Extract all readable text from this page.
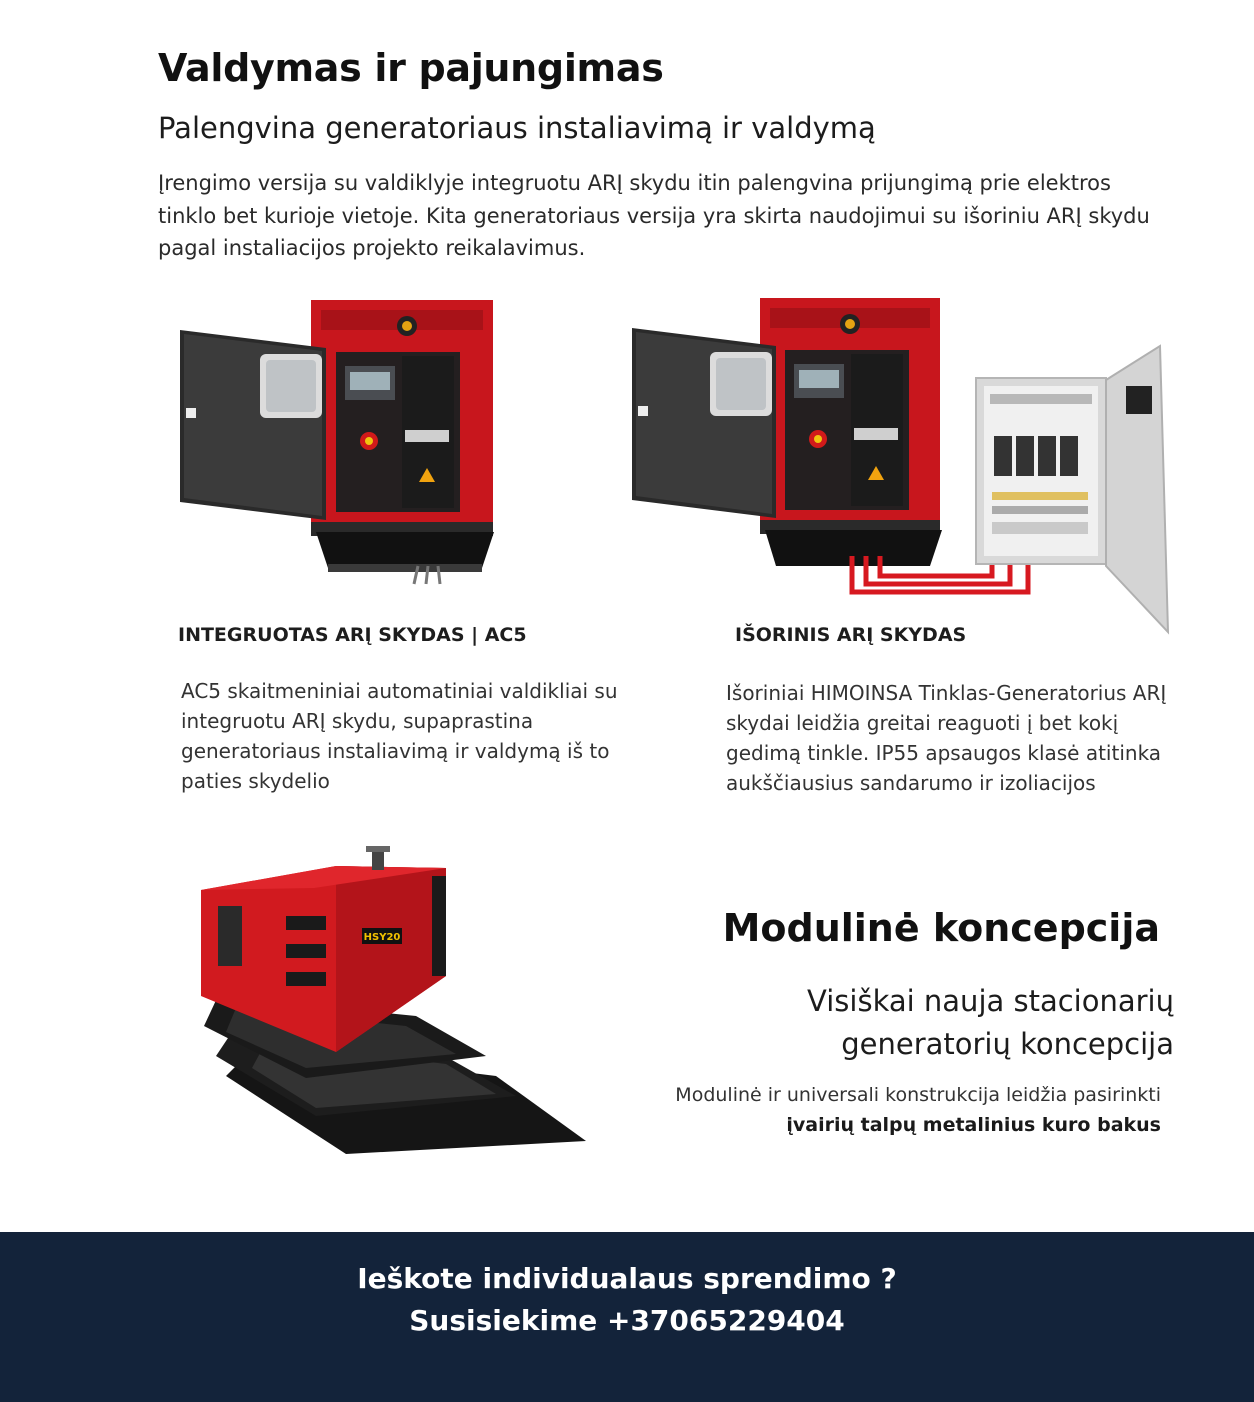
Valdymas ir pajungimas
Palengvina generatoriaus instaliavimą ir valdymą
Įrengimo versija su valdiklyje integruotu ARĮ skydu itin palengvina prijungimą prie elektros tinklo bet kurioje vietoje. Kita generatoriaus versija yra skirta naudojimui su išoriniu ARĮ skydu pagal instaliacijos projekto reikalavimus.
INTEGRUOTAS ARĮ SKYDAS | AC5	IŠORINIS ARĮ SKYDAS
AC5 skaitmeniniai automatiniai valdikliai su integruotu ARĮ skydu, supaprastina generatoriaus instaliavimą ir valdymą iš to paties skydelio
Išoriniai HIMOINSA Tinklas-Generatorius ARĮ skydai leidžia greitai reaguoti į bet kokį gedimą tinkle. IP55 apsaugos klasė atitinka aukščiausius sandarumo ir izoliacijos
HSY20	Modulinė koncepcija
Visiškai nauja stacionarių
generatorių koncepcija
Modulinė ir universali konstrukcija leidžia pasirinkti
įvairių talpų metalinius kuro bakus
Ieškote individualaus sprendimo ?
Susisiekime +37065229404
